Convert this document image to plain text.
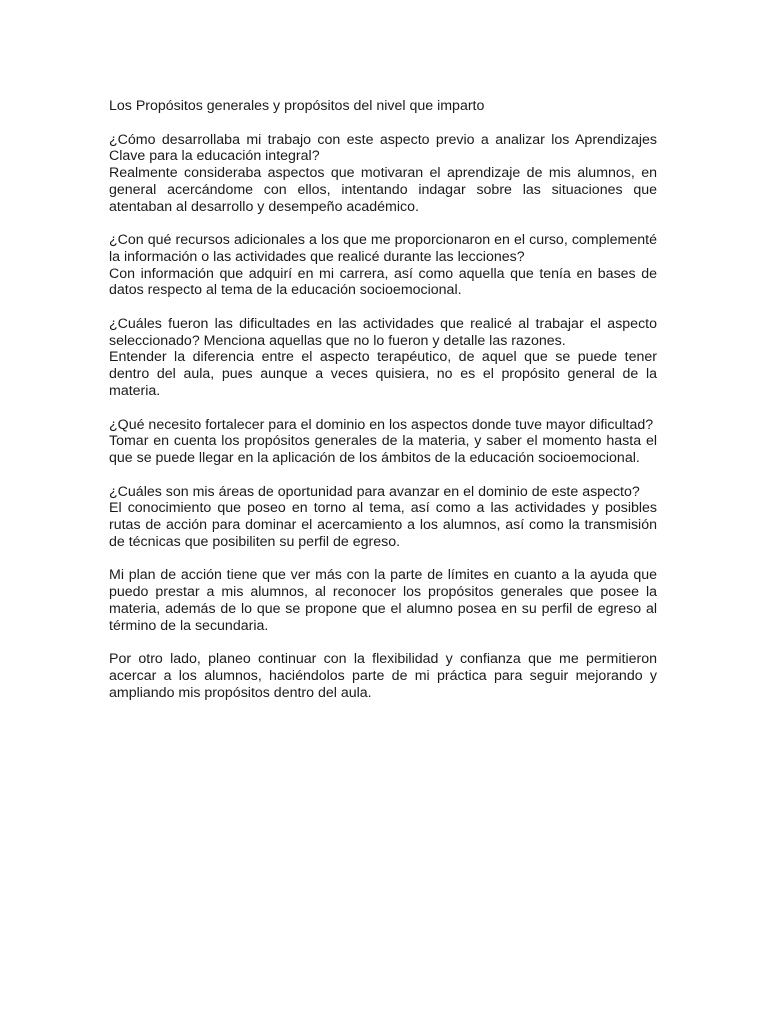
Los Propósitos generales y propósitos del nivel que imparto

¿Cómo desarrollaba mi trabajo con este aspecto previo a analizar los Aprendizajes Clave para la educación integral?

Realmente consideraba aspectos que motivaran el aprendizaje de mis alumnos, en general acercándome con ellos, intentando indagar sobre las situaciones que atentaban al desarrollo y desempeño académico.

¿Con qué recursos adicionales a los que me proporcionaron en el curso, complementé la información o las actividades que realicé durante las lecciones?

Con información que adquirí en mi carrera, así como aquella que tenía en bases de datos respecto al tema de la educación socioemocional.

¿Cuáles fueron las dificultades en las actividades que realicé al trabajar el aspecto seleccionado? Menciona aquellas que no lo fueron y detalle las razones.

Entender la diferencia entre el aspecto terapéutico, de aquel que se puede tener dentro del aula, pues aunque a veces quisiera, no es el propósito general de la materia.

¿Qué necesito fortalecer para el dominio en los aspectos donde tuve mayor dificultad?

Tomar en cuenta los propósitos generales de la materia, y saber el momento hasta el que se puede llegar en la aplicación de los ámbitos de la educación socioemocional.

¿Cuáles son mis áreas de oportunidad para avanzar en el dominio de este aspecto?

El conocimiento que poseo en torno al tema, así como a las actividades y posibles rutas de acción para dominar el acercamiento a los alumnos, así como la transmisión de técnicas que posibiliten su perfil de egreso.

Mi plan de acción tiene que ver más con la parte de límites en cuanto a la ayuda que puedo prestar a mis alumnos, al reconocer los propósitos generales que posee la materia, además de lo que se propone que el alumno posea en su perfil de egreso al término de la secundaria.

Por otro lado, planeo continuar con la flexibilidad y confianza que me permitieron acercar a los alumnos, haciéndolos parte de mi práctica para seguir mejorando y ampliando mis propósitos dentro del aula.
